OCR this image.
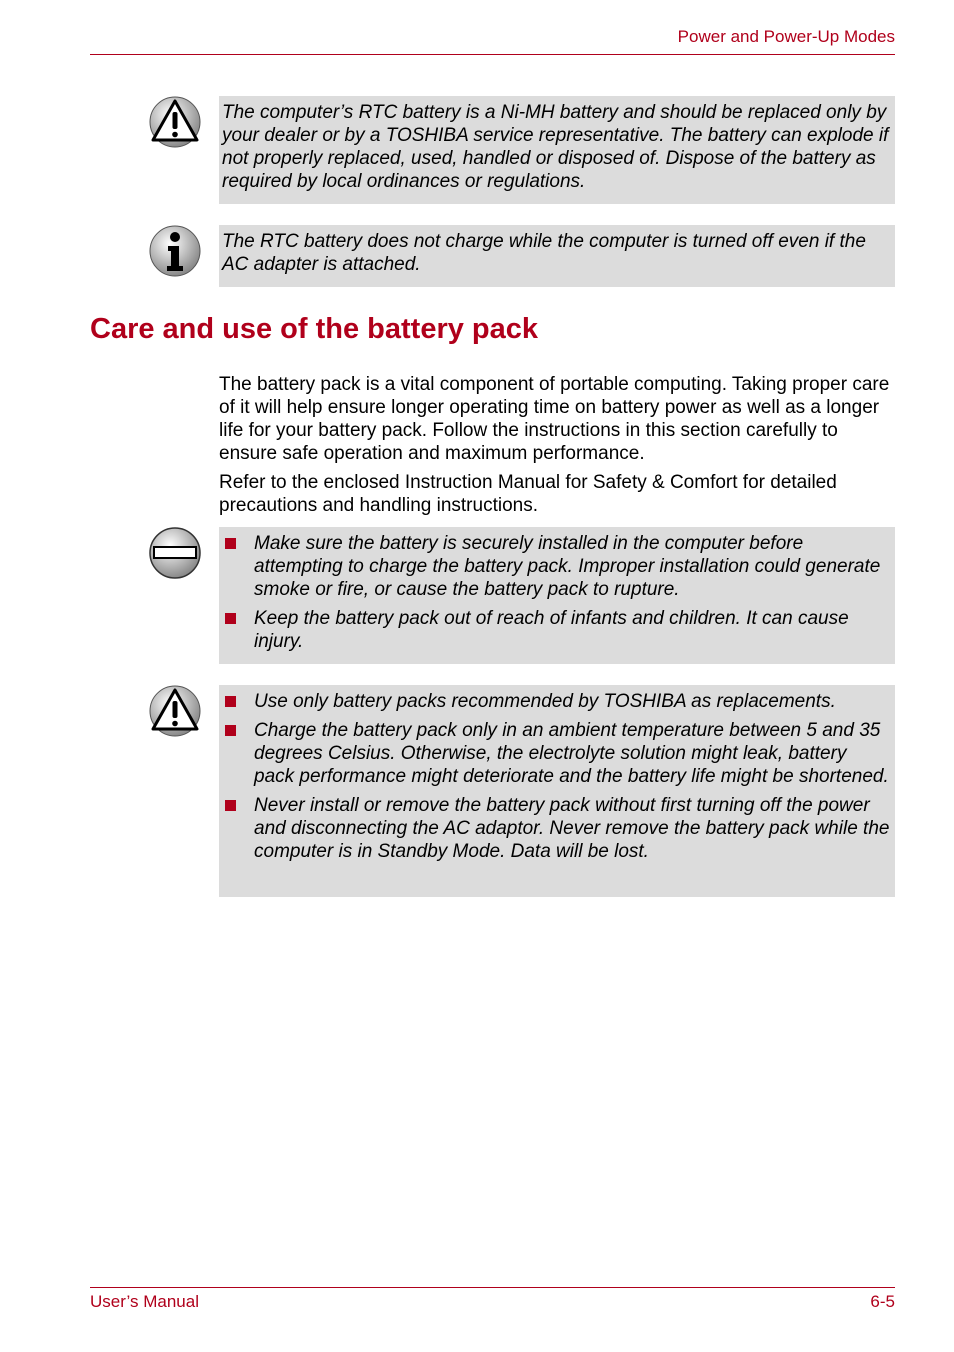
Power and Power-Up Modes
The computer’s RTC battery is a Ni-MH battery and should be replaced only by your dealer or by a TOSHIBA service representative. The battery can explode if not properly replaced, used, handled or disposed of. Dispose of the battery as required by local ordinances or regulations.
The RTC battery does not charge while the computer is turned off even if the AC adapter is attached.
Care and use of the battery pack

The battery pack is a vital component of portable computing. Taking proper care of it will help ensure longer operating time on battery power as well as a longer life for your battery pack. Follow the instructions in this section carefully to ensure safe operation and maximum performance.

Refer to the enclosed Instruction Manual for Safety & Comfort for detailed precautions and handling instructions.

Make sure the battery is securely installed in the computer before attempting to charge the battery pack. Improper installation could generate smoke or fire, or cause the battery pack to rupture.
Keep the battery pack out of reach of infants and children. It can cause injury.
Use only battery packs recommended by TOSHIBA as replacements.
Charge the battery pack only in an ambient temperature between 5 and 35 degrees Celsius. Otherwise, the electrolyte solution might leak, battery pack performance might deteriorate and the battery life might be shortened.
Never install or remove the battery pack without first turning off the power and disconnecting the AC adaptor. Never remove the battery pack while the computer is in Standby Mode. Data will be lost.
User’s Manual	6-5
